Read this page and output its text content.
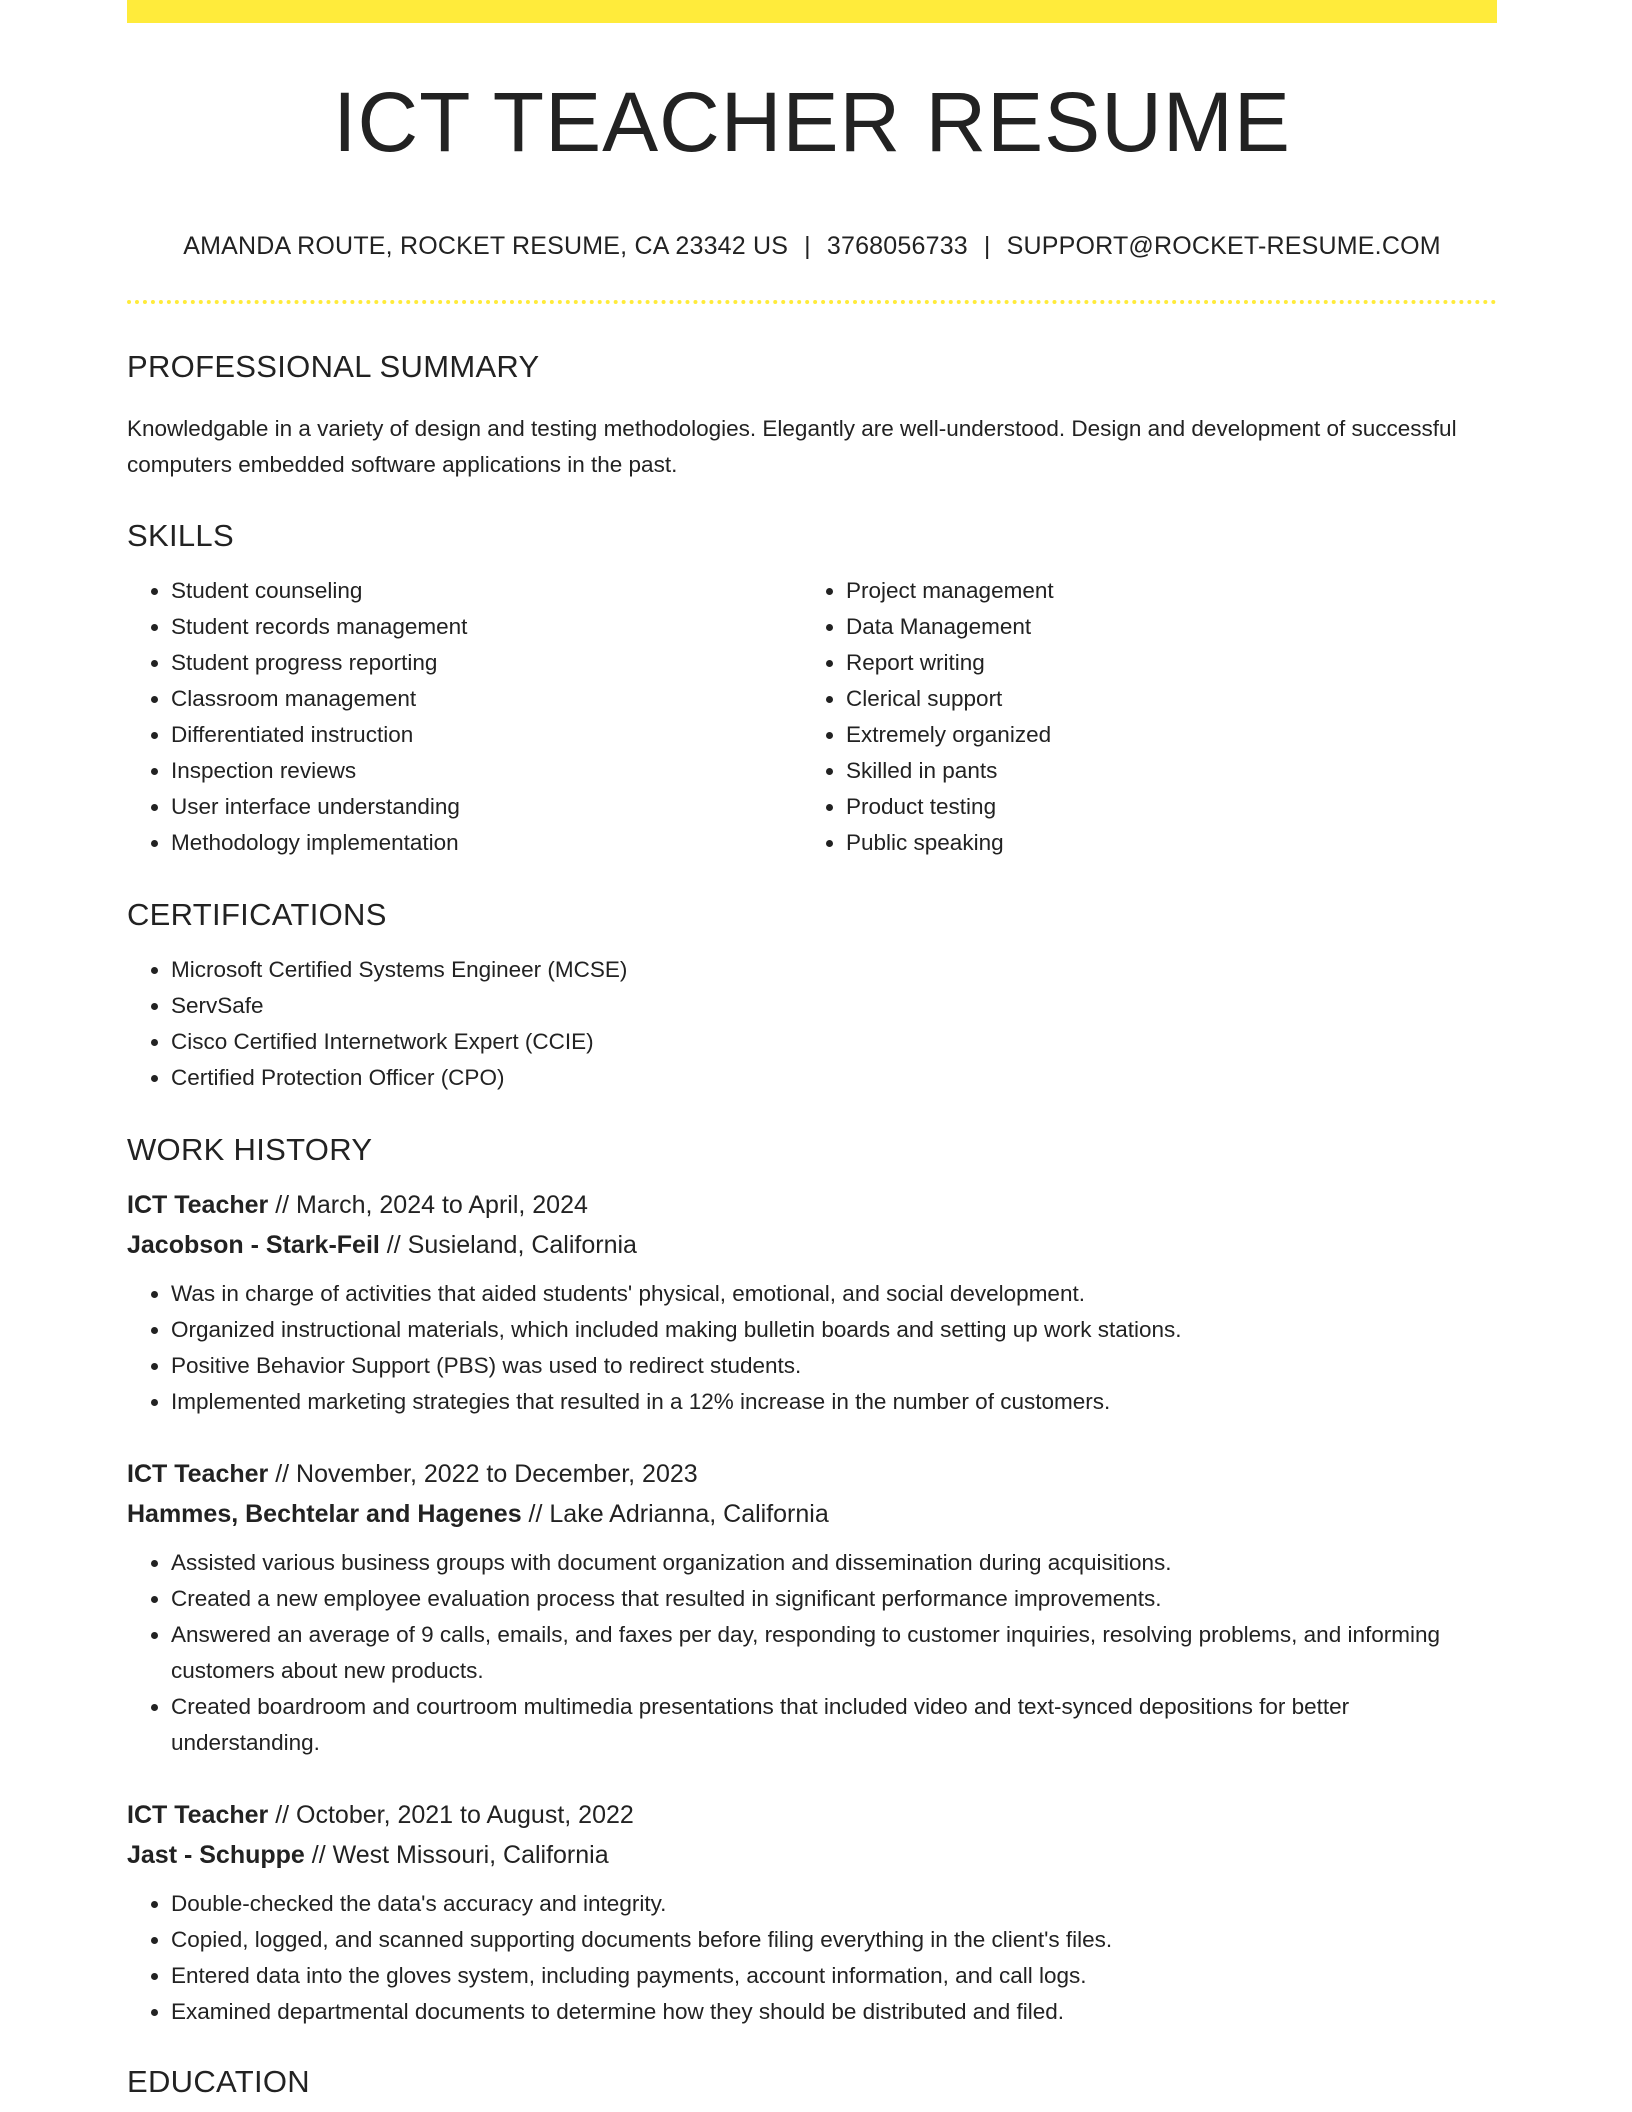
ICT TEACHER RESUME
AMANDA ROUTE, ROCKET RESUME, CA 23342 US | 3768056733 | SUPPORT@ROCKET-RESUME.COM
PROFESSIONAL SUMMARY

Knowledgable in a variety of design and testing methodologies. Elegantly are well-understood. Design and development of successful computers embedded software applications in the past.

SKILLS
• Student counseling
• Student records management
• Student progress reporting
• Classroom management
• Differentiated instruction
• Inspection reviews
• User interface understanding
• Methodology implementation
• Project management
• Data Management
• Report writing
• Clerical support
• Extremely organized
• Skilled in pants
• Product testing
• Public speaking
CERTIFICATIONS
• Microsoft Certified Systems Engineer (MCSE)
• ServSafe
• Cisco Certified Internetwork Expert (CCIE)
• Certified Protection Officer (CPO)
WORK HISTORY
ICT Teacher // March, 2024 to April, 2024
Jacobson - Stark-Feil // Susieland, California
• Was in charge of activities that aided students' physical, emotional, and social development.
• Organized instructional materials, which included making bulletin boards and setting up work stations.
• Positive Behavior Support (PBS) was used to redirect students.
• Implemented marketing strategies that resulted in a 12% increase in the number of customers.
ICT Teacher // November, 2022 to December, 2023
Hammes, Bechtelar and Hagenes // Lake Adrianna, California
• Assisted various business groups with document organization and dissemination during acquisitions.
• Created a new employee evaluation process that resulted in significant performance improvements.
• Answered an average of 9 calls, emails, and faxes per day, responding to customer inquiries, resolving problems, and informing customers about new products.
• Created boardroom and courtroom multimedia presentations that included video and text-synced depositions for better understanding.
ICT Teacher // October, 2021 to August, 2022
Jast - Schuppe // West Missouri, California
• Double-checked the data's accuracy and integrity.
• Copied, logged, and scanned supporting documents before filing everything in the client's files.
• Entered data into the gloves system, including payments, account information, and call logs.
• Examined departmental documents to determine how they should be distributed and filed.
EDUCATION
